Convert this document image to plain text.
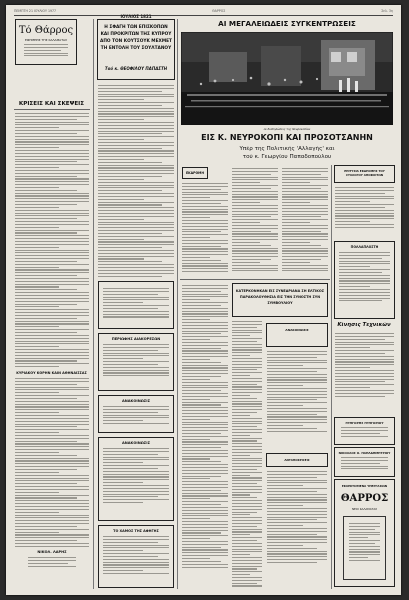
ΠΕΜΠΤΗ 21 ΙΟΥΛΙΟΥ 1977	ΘΑΡΡΟΣ	Σελ. 3η
Τό Θάρρος
ΕΦΗΜΕΡΙΣ ΤΗΣ ΚΑΛΑΜΑΤΑΣ
ΚΡΙΣΕΙΣ ΚΑΙ ΣΚΕΨΕΙΣ
ΚΥΡΙΑΚΟΥ ΚΟΡΗΝ ΚΑΙΝ ΑΘΗΝΑΪΣΣΑΣ
ΝΙΚΟΛ. ΛΑΡΗΣ
Η ΣΦΑΓΗ ΤΩΝ ΕΠΙΣΚΟΠΩΝ
ΚΑΙ ΠΡΟΚΡΙΤΩΝ ΤΗΣ ΚΥΠΡΟΥ
ΑΠΟ ΤΟΝ ΚΟΥΤΣΟΥΚ ΜΕΧΜΕΤ
ΤΗ ΕΝΤΟΛΗ ΤΟΥ ΣΟΥΛΤΑΝΟΥ
Τού κ. ΘΕΟΦΙΛΟΥ ΠΑΠΑΣΤΗ
ΙΟΥΛΙΟΣ 1821
ΠΕΡΙΩΦΗΣ ΔΙΑΚΟΡΕΣΩΝ
ΑΝΑΚΟΙΝΩΣΙΣ
ΑΝΑΚΟΙΝΩΣΙΣ
ΤΟ ΧΑΜΟΣ ΤΗΣ ΑΦΗΓΗΣ
ΑΙ ΜΕΓΑΛΕΙΩΔΕΙΣ ΣΥΓΚΕΝΤΡΩΣΕΙΣ
Αι διαδηλώσεις της Νευροκοπίου
ΕΙΣ Κ. ΝΕΥΡΟΚΟΠΙ ΚΑΙ ΠΡΟΣΟΤΣΑΝΗΝ
Υπέρ της Πολιτικής 'Αλλαγής' και
τού κ. Γεωργίου Παπαδοπούλου
ΕΚΔΡΟΜΗ	ΕΠΙΤΥΧΙΑ ΕΚΔΡΟΜΗΣ ΤΟΥ ΣΥΛΛΟΓΟΥ ΑΠΟΦΟΙΤΩΝ
ΠΟΛΛΑΠΛΟΣΤΗ
Κίνησις Τεχνικών
ΚΑΤΕΡΚΟΝΗΚΑΝ ΕΙΣ ΣΥΝΕΔΡΙΑΝΑ ΣΗ ΕΛΤΙΚΟΣ ΠΑΡΑΚΟΛΟΥΘΗΣΙΑ ΕΙΣ ΤΗΝ ΣΥΝΟΣΤΗ ΣΥΝ ΣΥΜΒΟΥΛΙΟΥ
ΑΝΑΚΟΙΝΩΣΙΣ
ΑΝΤΑΠΟΚΡΙΣΕΙΣ
ΓΡΗΓΟΡΗΣ ΓΡΗΓΟΡΙΟΥ
ΝΙΚΟΛΑΟΣ Ο. ΠΑΠΑΔΗΜΗΤΡΙΟΥ
ΕΚΛΕΚΤΙΣΜΕΝΑ ΥΠΕΡΓΑΣΙΩΝ
ΘΑΡΡΟΣ
ΝΕΟΙ ΚΑΛΑΜΑΤΑΣ
